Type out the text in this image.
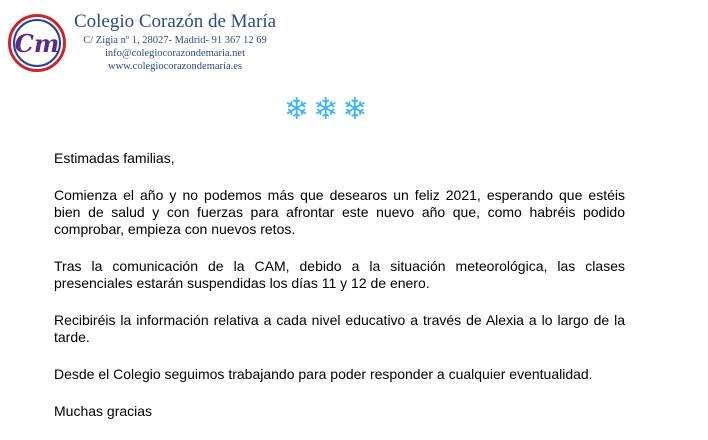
Cm
Colegio Corazón de María
C/ Zigia nº 1, 28027- Madrid- 91 367 12 69
info@colegiocorazondemaria.net
www.colegiocorazondemaria.es
❄ ❄ ❄

Estimadas familias,

Comienza el año y no podemos más que desearos un feliz 2021, esperando que estéis bien de salud y con fuerzas para afrontar este nuevo año que, como habréis podido comprobar, empieza con nuevos retos.

Tras la comunicación de la CAM, debido a la situación meteorológica, las clases presenciales estarán suspendidas los días 11 y 12 de enero.

Recibiréis la información relativa a cada nivel educativo a través de Alexia a lo largo de la tarde.

Desde el Colegio seguimos trabajando para poder responder a cualquier eventualidad.

Muchas gracias
